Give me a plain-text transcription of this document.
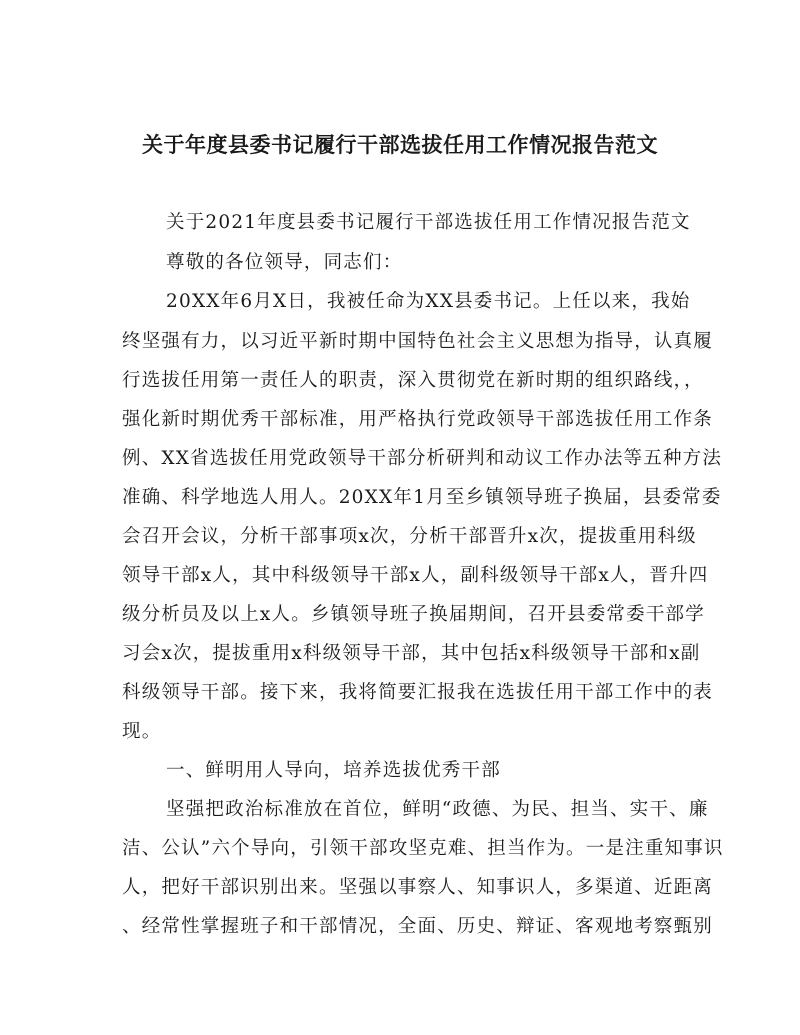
关于年度县委书记履行干部选拔任用工作情况报告范文
关于2021年度县委书记履行干部选拔任用工作情况报告范文
尊敬的各位领导，同志们：
20XX年6月X日，我被任命为XX县委书记。上任以来，我始
终坚强有力，以习近平新时期中国特色社会主义思想为指导，认真履
行选拔任用第一责任人的职责，深入贯彻党在新时期的组织路线，，
强化新时期优秀干部标准，用严格执行党政领导干部选拔任用工作条
例、XX省选拔任用党政领导干部分析研判和动议工作办法等五种方法
准确、科学地选人用人。20XX年1月至乡镇领导班子换届，县委常委
会召开会议，分析干部事项x次，分析干部晋升x次，提拔重用科级
领导干部x人，其中科级领导干部x人，副科级领导干部x人，晋升四
级分析员及以上x人。乡镇领导班子换届期间，召开县委常委干部学
习会x次，提拔重用x科级领导干部，其中包括x科级领导干部和x副
科级领导干部。接下来，我将简要汇报我在选拔任用干部工作中的表
现。
一、鲜明用人导向，培养选拔优秀干部
坚强把政治标准放在首位，鲜明“政德、为民、担当、实干、廉
洁、公认”六个导向，引领干部攻坚克难、担当作为。一是注重知事识
人，把好干部识别出来。坚强以事察人、知事识人，多渠道、近距离
、经常性掌握班子和干部情况，全面、历史、辩证、客观地考察甄别
